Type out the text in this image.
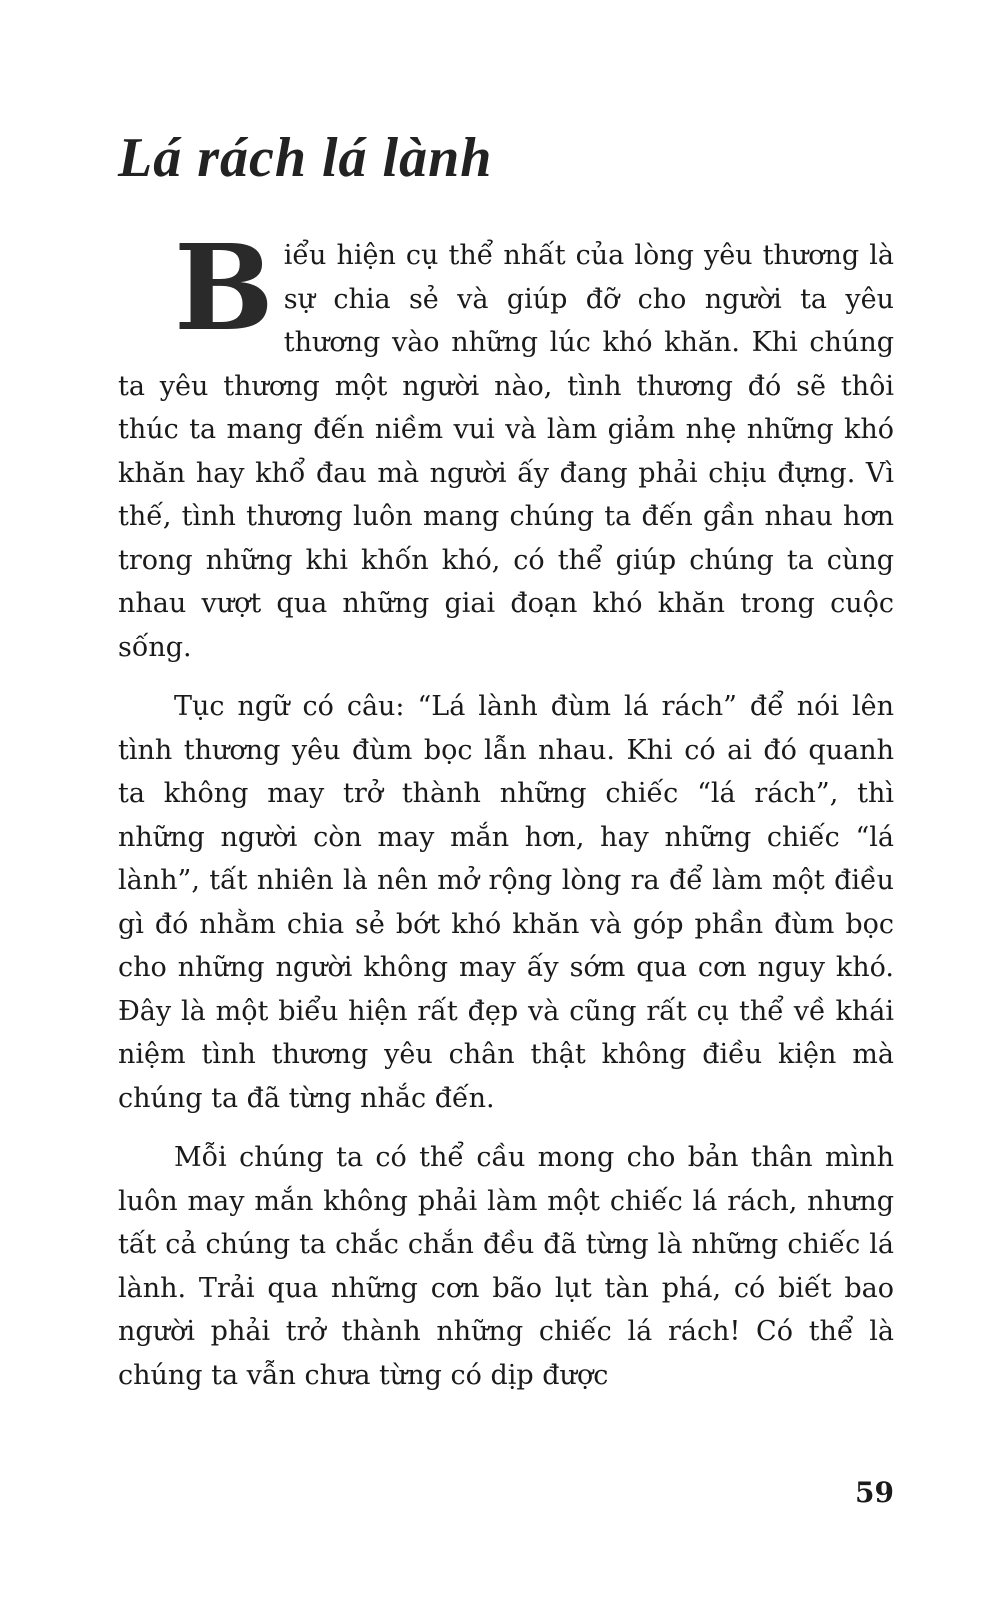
Lá rách lá lành

Biểu hiện cụ thể nhất của lòng yêu thương là sự chia sẻ và giúp đỡ cho người ta yêu thương vào những lúc khó khăn. Khi chúng ta yêu thương một người nào, tình thương đó sẽ thôi thúc ta mang đến niềm vui và làm giảm nhẹ những khó khăn hay khổ đau mà người ấy đang phải chịu đựng. Vì thế, tình thương luôn mang chúng ta đến gần nhau hơn trong những khi khốn khó, có thể giúp chúng ta cùng nhau vượt qua những giai đoạn khó khăn trong cuộc sống.

Tục ngữ có câu: “Lá lành đùm lá rách” để nói lên tình thương yêu đùm bọc lẫn nhau. Khi có ai đó quanh ta không may trở thành những chiếc “lá rách”, thì những người còn may mắn hơn, hay những chiếc “lá lành”, tất nhiên là nên mở rộng lòng ra để làm một điều gì đó nhằm chia sẻ bớt khó khăn và góp phần đùm bọc cho những người không may ấy sớm qua cơn nguy khó. Đây là một biểu hiện rất đẹp và cũng rất cụ thể về khái niệm tình thương yêu chân thật không điều kiện mà chúng ta đã từng nhắc đến.

Mỗi chúng ta có thể cầu mong cho bản thân mình luôn may mắn không phải làm một chiếc lá rách, nhưng tất cả chúng ta chắc chắn đều đã từng là những chiếc lá lành. Trải qua những cơn bão lụt tàn phá, có biết bao người phải trở thành những chiếc lá rách! Có thể là chúng ta vẫn chưa từng có dịp được

59
